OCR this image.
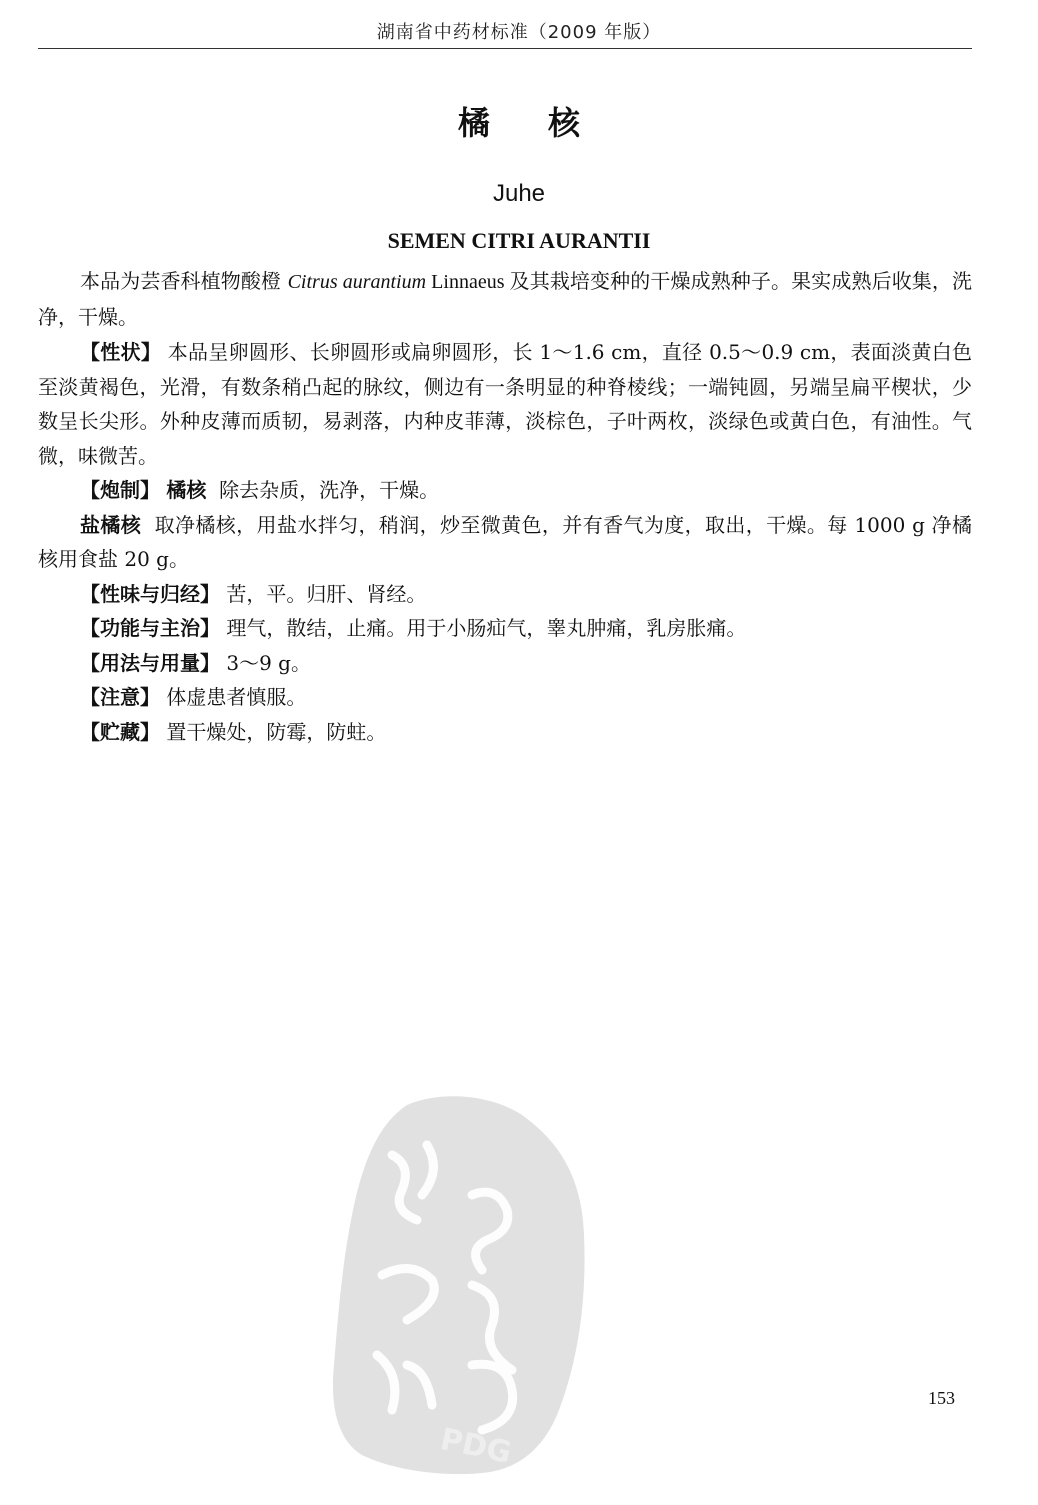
湖南省中药材标准（2009 年版）
橘核
Juhe
SEMEN CITRI AURANTII

本品为芸香科植物酸橙 Citrus aurantium Linnaeus 及其栽培变种的干燥成熟种子。果实成熟后收集，洗净，干燥。

【性状】 本品呈卵圆形、长卵圆形或扁卵圆形，长 1～1.6 cm，直径 0.5～0.9 cm，表面淡黄白色至淡黄褐色，光滑，有数条稍凸起的脉纹，侧边有一条明显的种脊棱线；一端钝圆，另端呈扁平楔状，少数呈长尖形。外种皮薄而质韧，易剥落，内种皮菲薄，淡棕色，子叶两枚，淡绿色或黄白色，有油性。气微，味微苦。

【炮制】 橘核 除去杂质，洗净，干燥。

盐橘核 取净橘核，用盐水拌匀，稍润，炒至微黄色，并有香气为度，取出，干燥。每 1000 g 净橘核用食盐 20 g。

【性味与归经】 苦，平。归肝、肾经。

【功能与主治】 理气，散结，止痛。用于小肠疝气，睾丸肿痛，乳房胀痛。

【用法与用量】 3～9 g。

【注意】 体虚患者慎服。

【贮藏】 置干燥处，防霉，防蛀。

PDG
153
